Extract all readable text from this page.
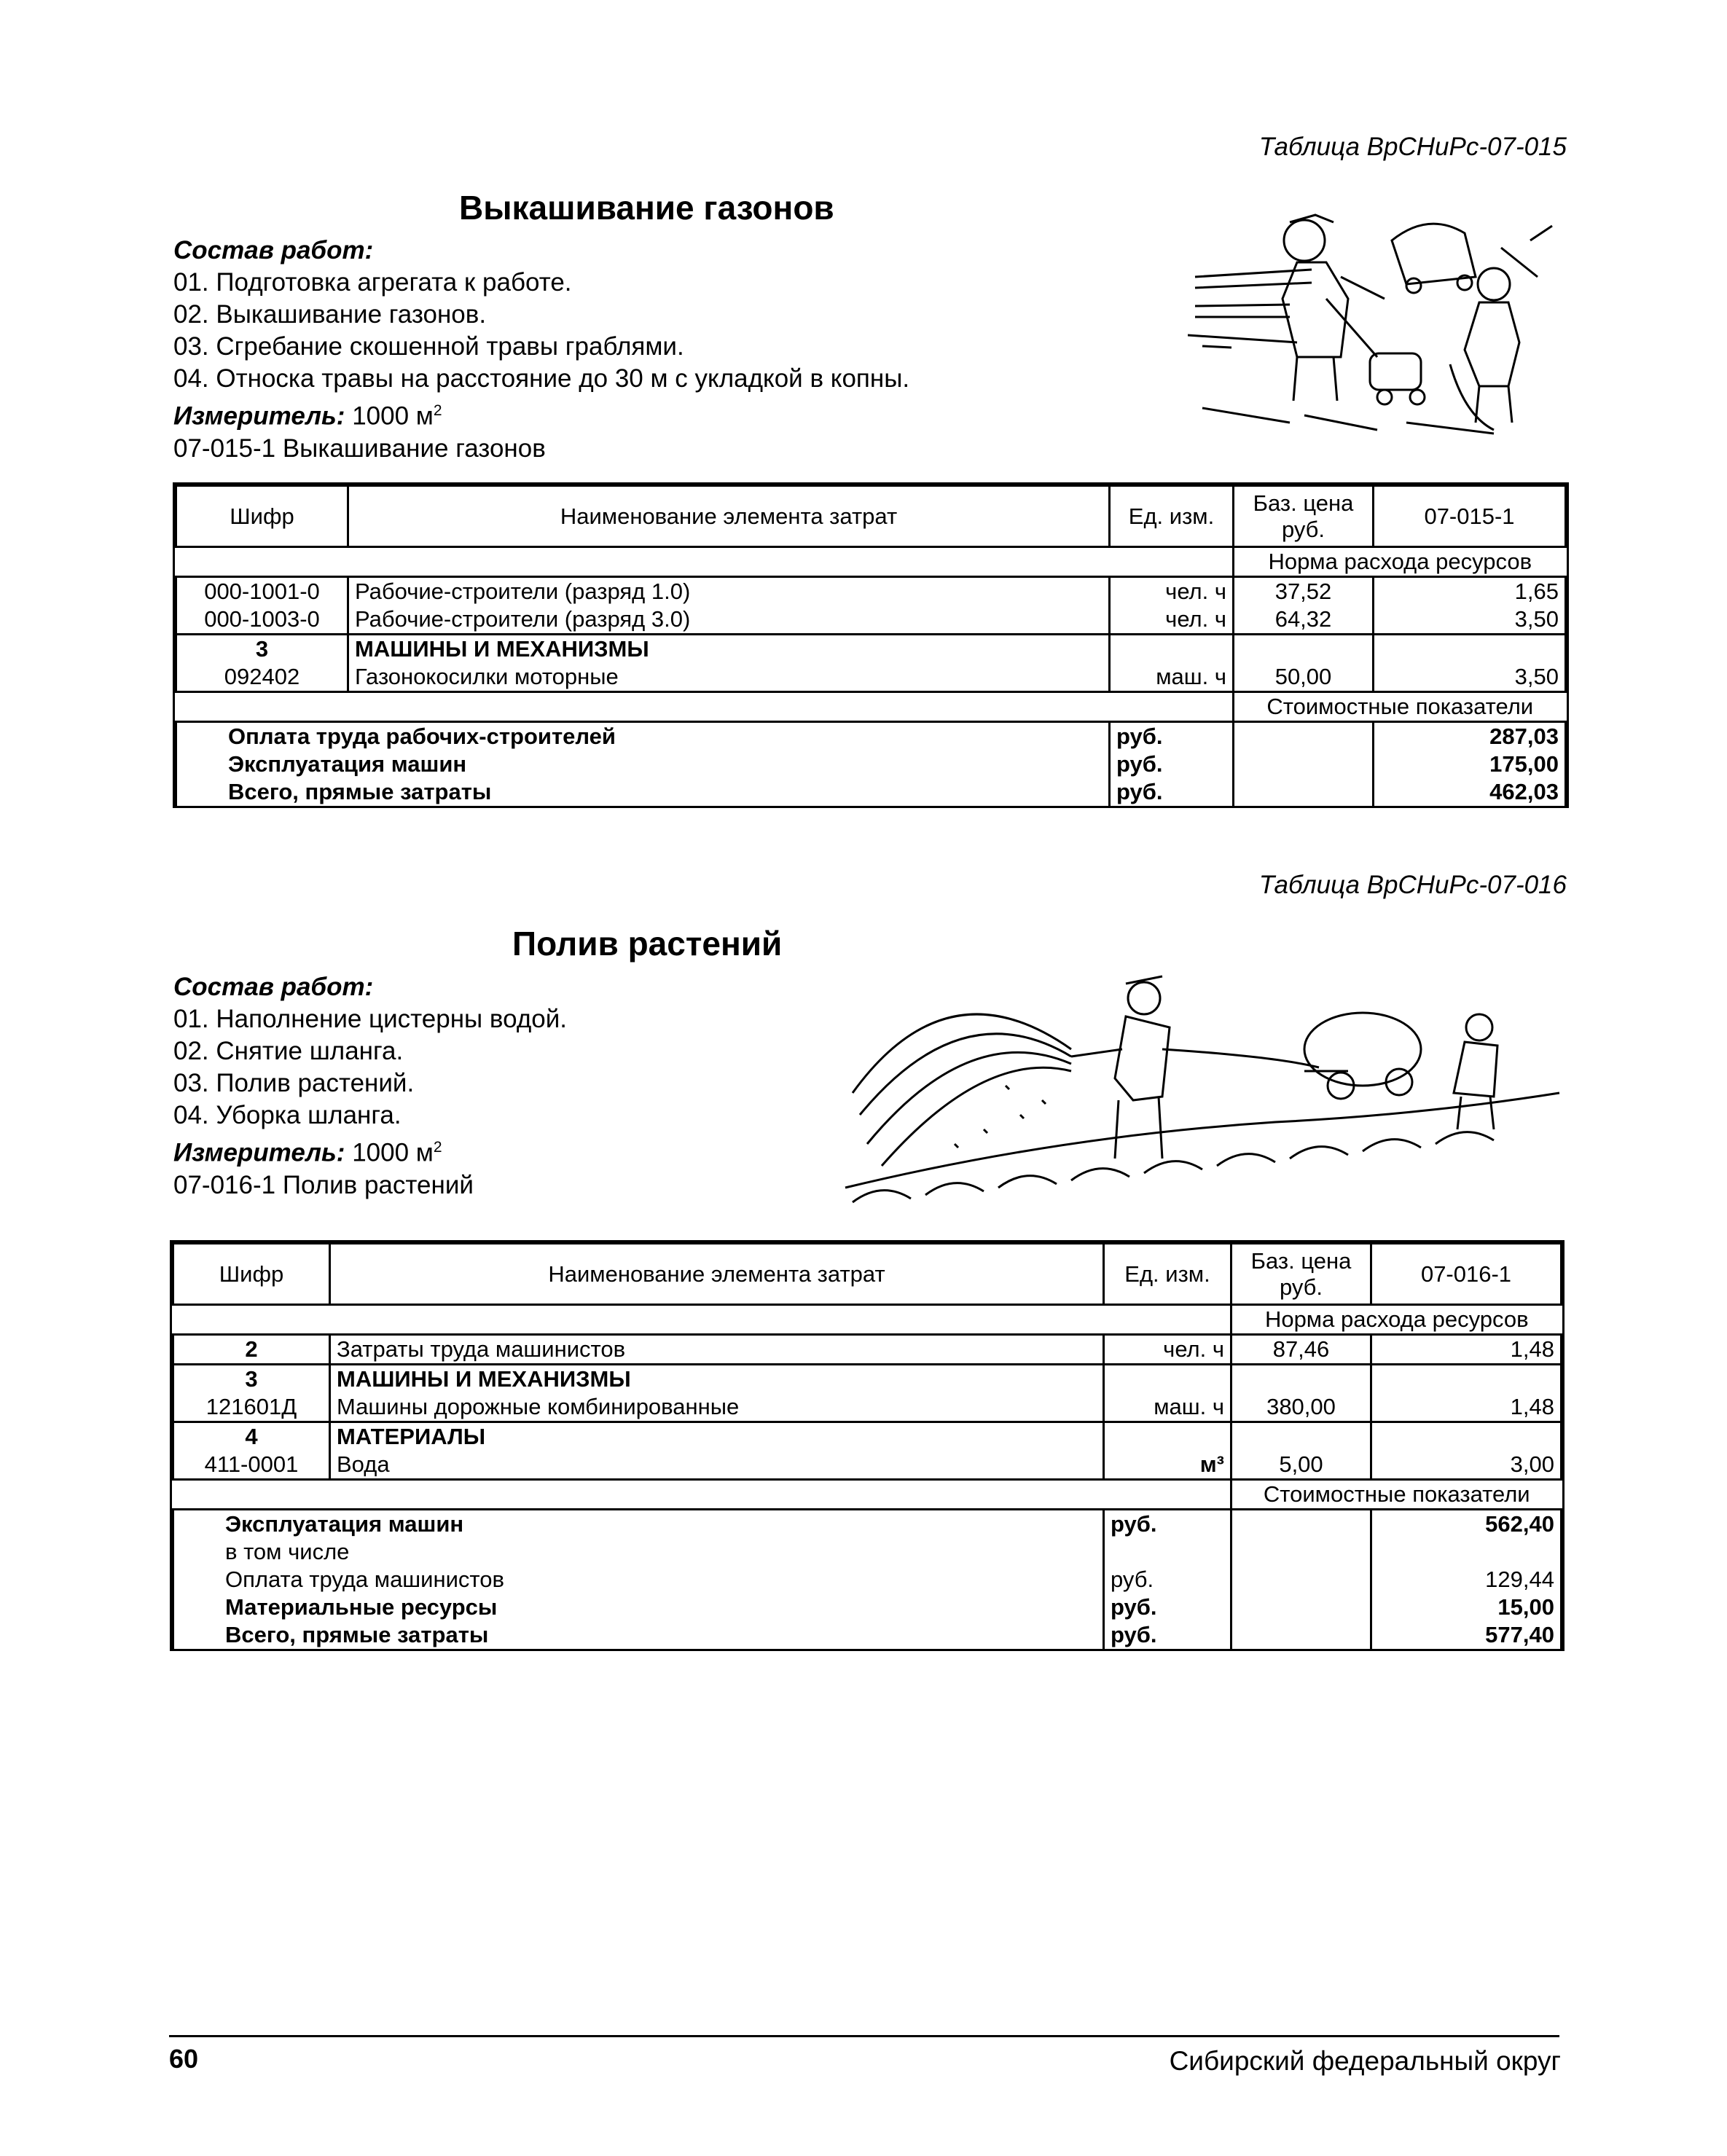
Таблица ВрСНиРс-07-015
Выкашивание газонов
Состав работ:
01. Подготовка агрегата к работе.
02. Выкашивание газонов.
03. Сгребание скошенной травы граблями.
04. Относка травы на расстояние до 30 м с укладкой в копны.
Измеритель: 1000 $м^2$
07-015-1 Выкашивание газонов
Шифр	Наименование элемента затрат	Ед. изм.	Баз. цена руб.	07-015-1
			Норма расхода ресурсов	
000-1001-0	Рабочие-строители (разряд 1.0)	чел. ч	37,52	1,65
000-1003-0	Рабочие-строители (разряд 3.0)	чел. ч	64,32	3,50
3	МАШИНЫ И МЕХАНИЗМЫ			
092402	Газонокосилки моторные	маш. ч	50,00	3,50
			Стоимостные показатели	
Оплата труда рабочих-строителей		руб.		287,03
Эксплуатация машин		руб.		175,00
Всего, прямые затраты		руб.		462,03
Таблица ВрСНиРс-07-016
Полив растений
Состав работ:
01. Наполнение цистерны водой.
02. Снятие шланга.
03. Полив растений.
04. Уборка шланга.
Измеритель: 1000 $м^2$
07-016-1 Полив растений
Шифр	Наименование элемента затрат	Ед. изм.	Баз. цена руб.	07-016-1
			Норма расхода ресурсов	
2	Затраты труда машинистов	чел. ч	87,46	1,48
3	МАШИНЫ И МЕХАНИЗМЫ			
121601Д	Машины дорожные комбинированные	маш. ч	380,00	1,48
4	МАТЕРИАЛЫ			
411-0001	Вода	м³	5,00	3,00
			Стоимостные показатели	
Эксплуатация машин		руб.		562,40
в том числе				
Оплата труда машинистов		руб.		129,44
Материальные ресурсы		руб.		15,00
Всего, прямые затраты		руб.		577,40
60	Сибирский федеральный округ
